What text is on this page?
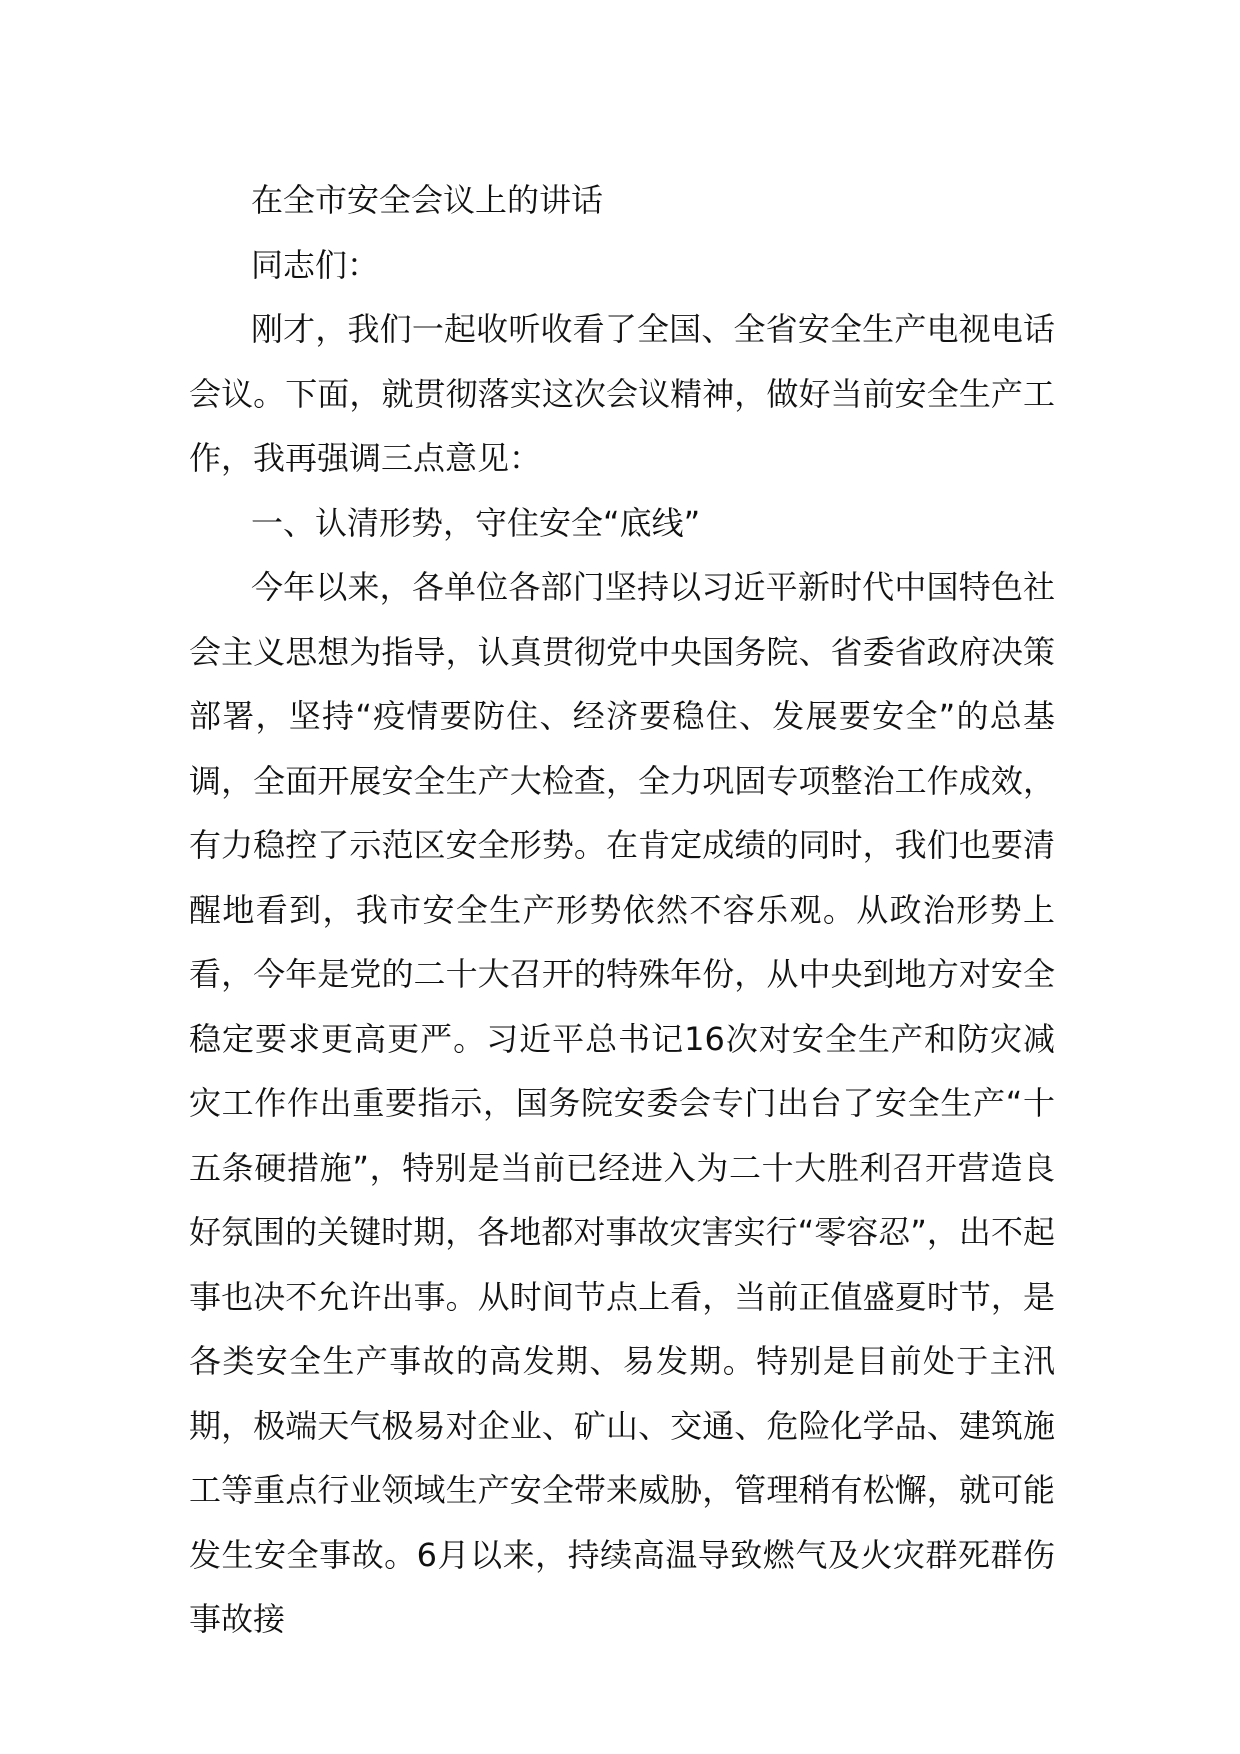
在全市安全会议上的讲话

同志们：

刚才，我们一起收听收看了全国、全省安全生产电视电话会议。下面，就贯彻落实这次会议精神，做好当前安全生产工作，我再强调三点意见：

一、认清形势，守住安全“底线”

今年以来，各单位各部门坚持以习近平新时代中国特色社会主义思想为指导，认真贯彻党中央国务院、省委省政府决策部署，坚持“疫情要防住、经济要稳住、发展要安全”的总基调，全面开展安全生产大检查，全力巩固专项整治工作成效，有力稳控了示范区安全形势。在肯定成绩的同时，我们也要清醒地看到，我市安全生产形势依然不容乐观。从政治形势上看，今年是党的二十大召开的特殊年份，从中央到地方对安全稳定要求更高更严。习近平总书记16次对安全生产和防灾减灾工作作出重要指示，国务院安委会专门出台了安全生产“十五条硬措施”，特别是当前已经进入为二十大胜利召开营造良好氛围的关键时期，各地都对事故灾害实行“零容忍”，出不起事也决不允许出事。从时间节点上看，当前正值盛夏时节，是各类安全生产事故的高发期、易发期。特别是目前处于主汛期，极端天气极易对企业、矿山、交通、危险化学品、建筑施工等重点行业领域生产安全带来威胁，管理稍有松懈，就可能发生安全事故。6月以来，持续高温导致燃气及火灾群死群伤事故接
